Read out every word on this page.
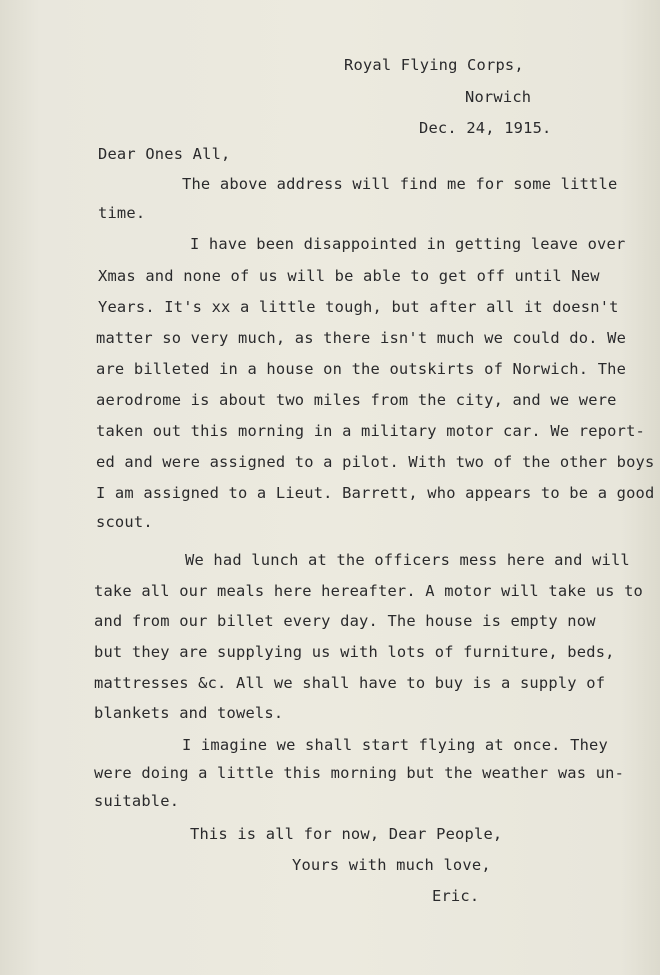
Royal Flying Corps,
Norwich
Dec. 24, 1915.
Dear Ones All,
The above address will find me for some little
time.
I have been disappointed in getting leave over
Xmas and none of us will be able to get off until New
Years. It's xx a little tough, but after all it doesn't
matter so very much, as there isn't much we could do. We
are billeted in a house on the outskirts of Norwich. The
aerodrome is about two miles from the city, and we were
taken out this morning in a military motor car. We report-
ed and were assigned to a pilot. With two of the other boys
I am assigned to a Lieut. Barrett, who appears to be a good
scout.
We had lunch at the officers mess here and will
take all our meals here hereafter. A motor will take us to
and from our billet every day. The house is empty now
but they are supplying us with lots of furniture, beds,
mattresses &c. All we shall have to buy is a supply of
blankets and towels.
I imagine we shall start flying at once. They
were doing a little this morning but the weather was un-
suitable.
This is all for now, Dear People,
Yours with much love,
Eric.
